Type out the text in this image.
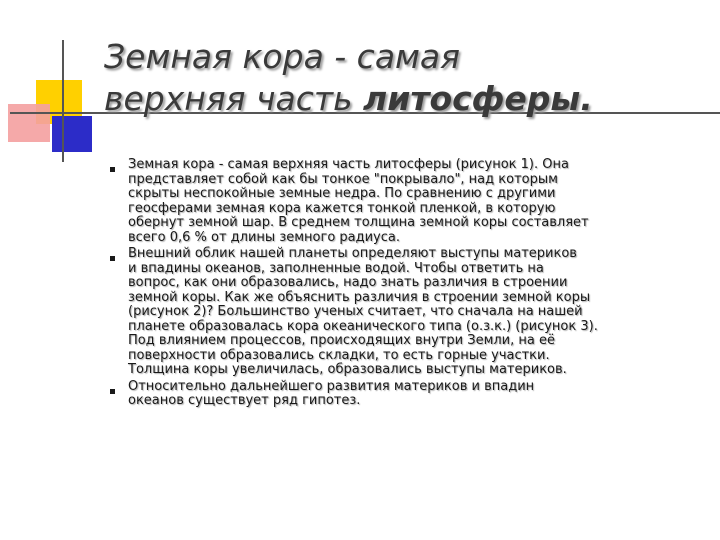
Земная кора - самая
верхняя часть литосферы.
Земная кора - самая верхняя часть литосферы (рисунок 1). Она
представляет собой как бы тонкое "покрывало", над которым
скрыты неспокойные земные недра. По сравнению с другими
геосферами земная кора кажется тонкой пленкой, в которую
обернут земной шар. В среднем толщина земной коры составляет
всего 0,6 % от длины земного радиуса.
Внешний облик нашей планеты определяют выступы материков
и впадины океанов, заполненные водой. Чтобы ответить на
вопрос, как они образовались, надо знать различия в строении
земной коры. Как же объяснить различия в строении земной коры
(рисунок 2)? Большинство ученых считает, что сначала на нашей
планете образовалась кора океанического типа (о.з.к.) (рисунок 3).
Под влиянием процессов, происходящих внутри Земли, на её
поверхности образовались складки, то есть горные участки.
Толщина коры увеличилась, образовались выступы материков.
Относительно дальнейшего развития материков и впадин
океанов существует ряд гипотез.
